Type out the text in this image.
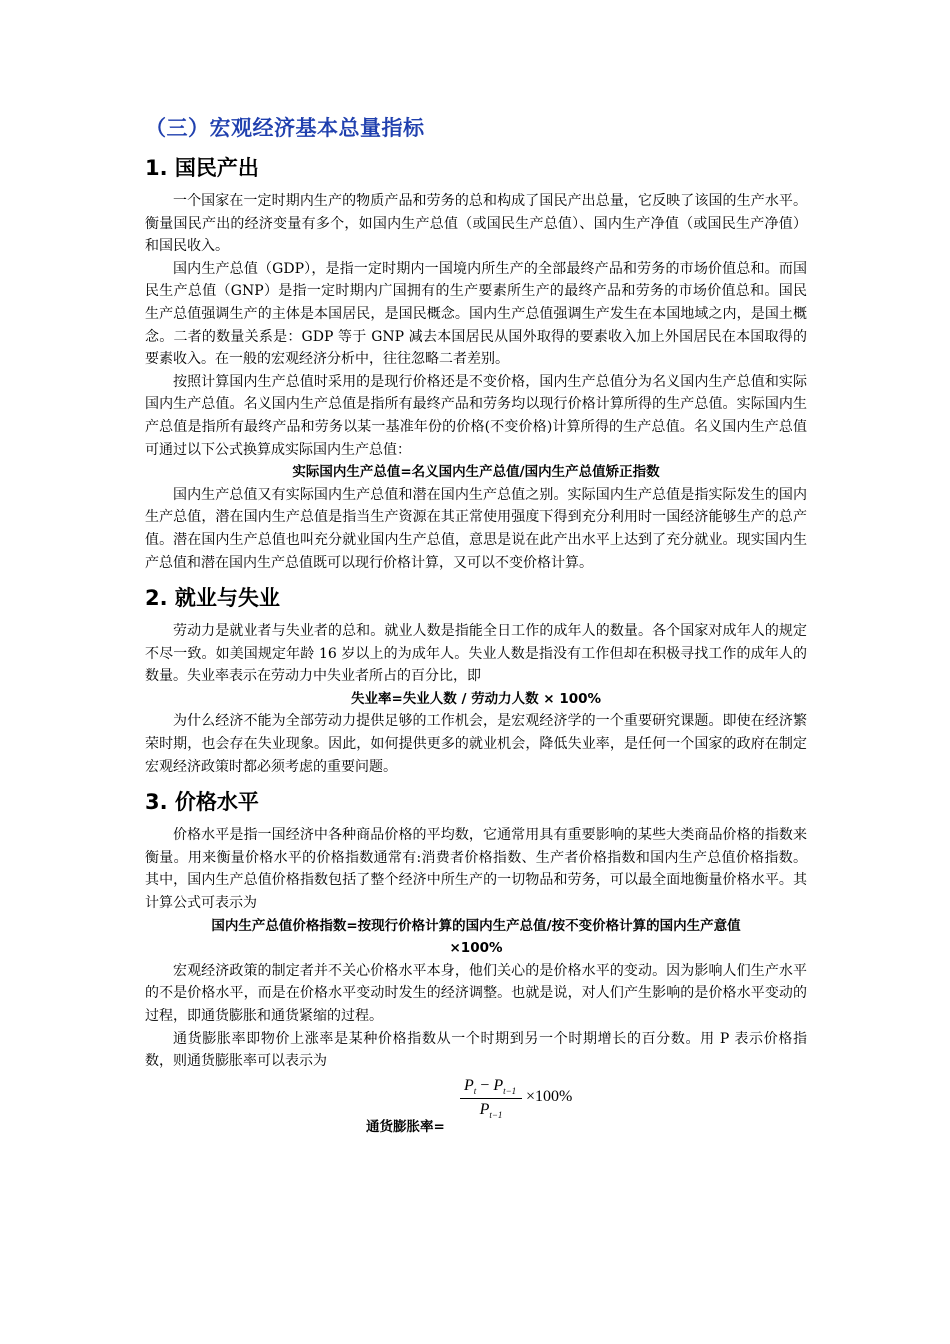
（三）宏观经济基本总量指标
1. 国民产出

一个国家在一定时期内生产的物质产品和劳务的总和构成了国民产出总量，它反映了该国的生产水平。衡量国民产出的经济变量有多个，如国内生产总值（或国民生产总值）、国内生产净值（或国民生产净值）和国民收入。

国内生产总值（GDP），是指一定时期内一国境内所生产的全部最终产品和劳务的市场价值总和。而国民生产总值（GNP）是指一定时期内广国拥有的生产要素所生产的最终产品和劳务的市场价值总和。国民生产总值强调生产的主体是本国居民，是国民概念。国内生产总值强调生产发生在本国地域之内，是国土概念。二者的数量关系是：GDP 等于 GNP 减去本国居民从国外取得的要素收入加上外国居民在本国取得的要素收入。在一般的宏观经济分析中，往往忽略二者差别。

按照计算国内生产总值时采用的是现行价格还是不变价格，国内生产总值分为名义国内生产总值和实际国内生产总值。名义国内生产总值是指所有最终产品和劳务均以现行价格计算所得的生产总值。实际国内生产总值是指所有最终产品和劳务以某一基准年份的价格(不变价格)计算所得的生产总值。名义国内生产总值可通过以下公式换算成实际国内生产总值：

实际国内生产总值=名义国内生产总值/国内生产总值矫正指数

国内生产总值又有实际国内生产总值和潜在国内生产总值之别。实际国内生产总值是指实际发生的国内生产总值，潜在国内生产总值是指当生产资源在其正常使用强度下得到充分利用时一国经济能够生产的总产值。潜在国内生产总值也叫充分就业国内生产总值，意思是说在此产出水平上达到了充分就业。现实国内生产总值和潜在国内生产总值既可以现行价格计算，又可以不变价格计算。

2. 就业与失业

劳动力是就业者与失业者的总和。就业人数是指能全日工作的成年人的数量。各个国家对成年人的规定不尽一致。如美国规定年龄 16 岁以上的为成年人。失业人数是指没有工作但却在积极寻找工作的成年人的数量。失业率表示在劳动力中失业者所占的百分比，即

失业率=失业人数 / 劳动力人数 × 100%

为什么经济不能为全部劳动力提供足够的工作机会，是宏观经济学的一个重要研究课题。即使在经济繁荣时期，也会存在失业现象。因此，如何提供更多的就业机会，降低失业率，是任何一个国家的政府在制定宏观经济政策时都必须考虑的重要问题。

3. 价格水平

价格水平是指一国经济中各种商品价格的平均数，它通常用具有重要影响的某些大类商品价格的指数来衡量。用来衡量价格水平的价格指数通常有:消费者价格指数、生产者价格指数和国内生产总值价格指数。其中，国内生产总值价格指数包括了整个经济中所生产的一切物品和劳务，可以最全面地衡量价格水平。其计算公式可表示为

国内生产总值价格指数=按现行价格计算的国内生产总值/按不变价格计算的国内生产意值

×100%

宏观经济政策的制定者并不关心价格水平本身，他们关心的是价格水平的变动。因为影响人们生产水平的不是价格水平，而是在价格水平变动时发生的经济调整。也就是说，对人们产生影响的是价格水平变动的过程，即通货膨胀和通货紧缩的过程。

通货膨胀率即物价上涨率是某种价格指数从一个时期到另一个时期增长的百分数。用 P 表示价格指数，则通货膨胀率可以表示为

通货膨胀率=
$P_t - P_{t-1}$
$P_{t-1}$
×100%
